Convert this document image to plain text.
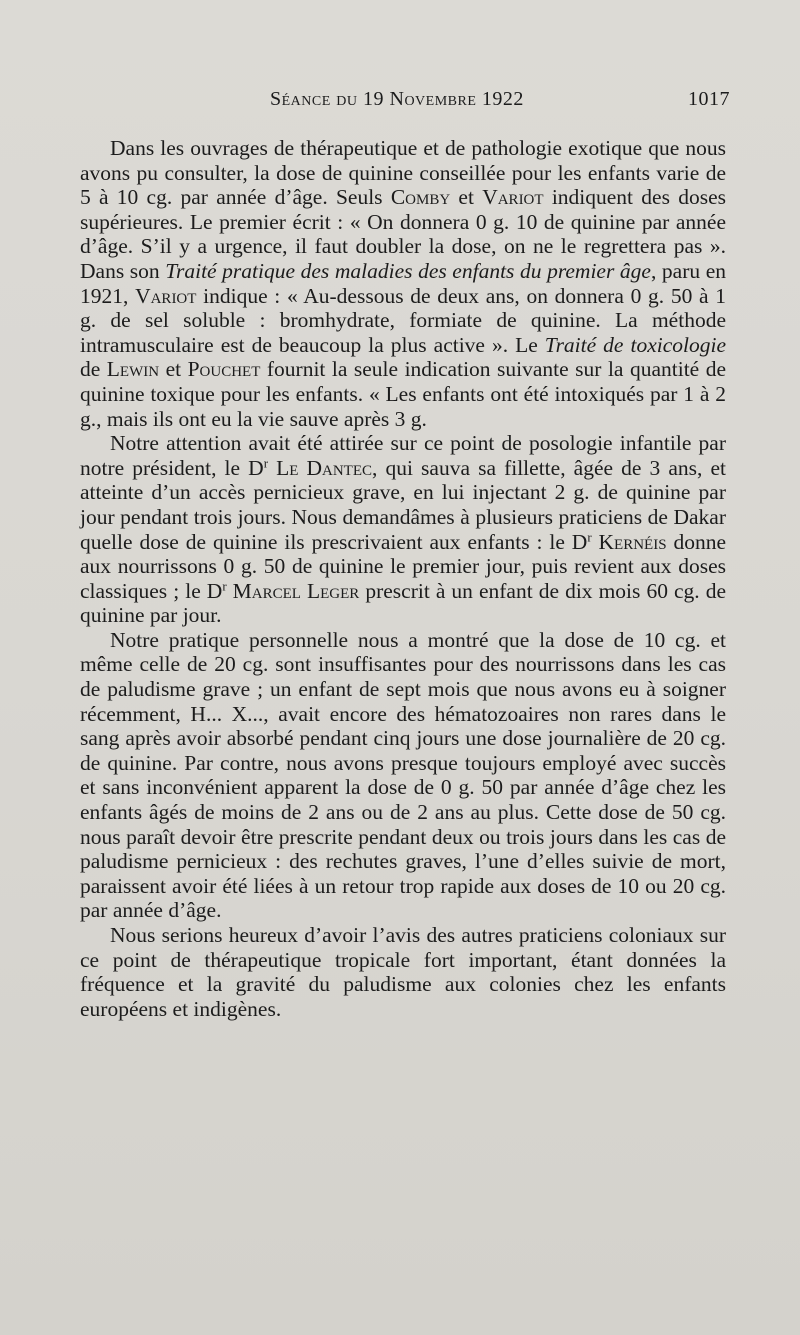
Séance du 19 Novembre 1922	1017

Dans les ouvrages de thérapeutique et de pathologie exotique que nous avons pu consulter, la dose de quinine conseillée pour les enfants varie de 5 à 10 cg. par année d’âge. Seuls Comby et Variot indiquent des doses supérieures. Le premier écrit : « On donnera 0 g. 10 de quinine par année d’âge. S’il y a urgence, il faut doubler la dose, on ne le regrettera pas ». Dans son Traité pratique des maladies des enfants du premier âge, paru en 1921, Variot indique : « Au-dessous de deux ans, on donnera 0 g. 50 à 1 g. de sel soluble : bromhydrate, formiate de quinine. La méthode intramusculaire est de beaucoup la plus active ». Le Traité de toxicologie de Lewin et Pouchet fournit la seule indication suivante sur la quantité de quinine toxique pour les enfants. « Les enfants ont été intoxiqués par 1 à 2 g., mais ils ont eu la vie sauve après 3 g.

Notre attention avait été attirée sur ce point de posologie infantile par notre président, le $D^r$ Le Dantec, qui sauva sa fillette, âgée de 3 ans, et atteinte d’un accès pernicieux grave, en lui injectant 2 g. de quinine par jour pendant trois jours. Nous demandâmes à plusieurs praticiens de Dakar quelle dose de quinine ils prescrivaient aux enfants : le $D^r$ Kernéis donne aux nourrissons 0 g. 50 de quinine le premier jour, puis revient aux doses classiques ; le $D^r$ Marcel Leger prescrit à un enfant de dix mois 60 cg. de quinine par jour.

Notre pratique personnelle nous a montré que la dose de 10 cg. et même celle de 20 cg. sont insuffisantes pour des nourrissons dans les cas de paludisme grave ; un enfant de sept mois que nous avons eu à soigner récemment, H... X..., avait encore des hématozoaires non rares dans le sang après avoir absorbé pendant cinq jours une dose journalière de 20 cg. de quinine. Par contre, nous avons presque toujours employé avec succès et sans inconvénient apparent la dose de 0 g. 50 par année d’âge chez les enfants âgés de moins de 2 ans ou de 2 ans au plus. Cette dose de 50 cg. nous paraît devoir être prescrite pendant deux ou trois jours dans les cas de paludisme pernicieux : des rechutes graves, l’une d’elles suivie de mort, paraissent avoir été liées à un retour trop rapide aux doses de 10 ou 20 cg. par année d’âge.

Nous serions heureux d’avoir l’avis des autres praticiens coloniaux sur ce point de thérapeutique tropicale fort important, étant données la fréquence et la gravité du paludisme aux colonies chez les enfants européens et indigènes.
